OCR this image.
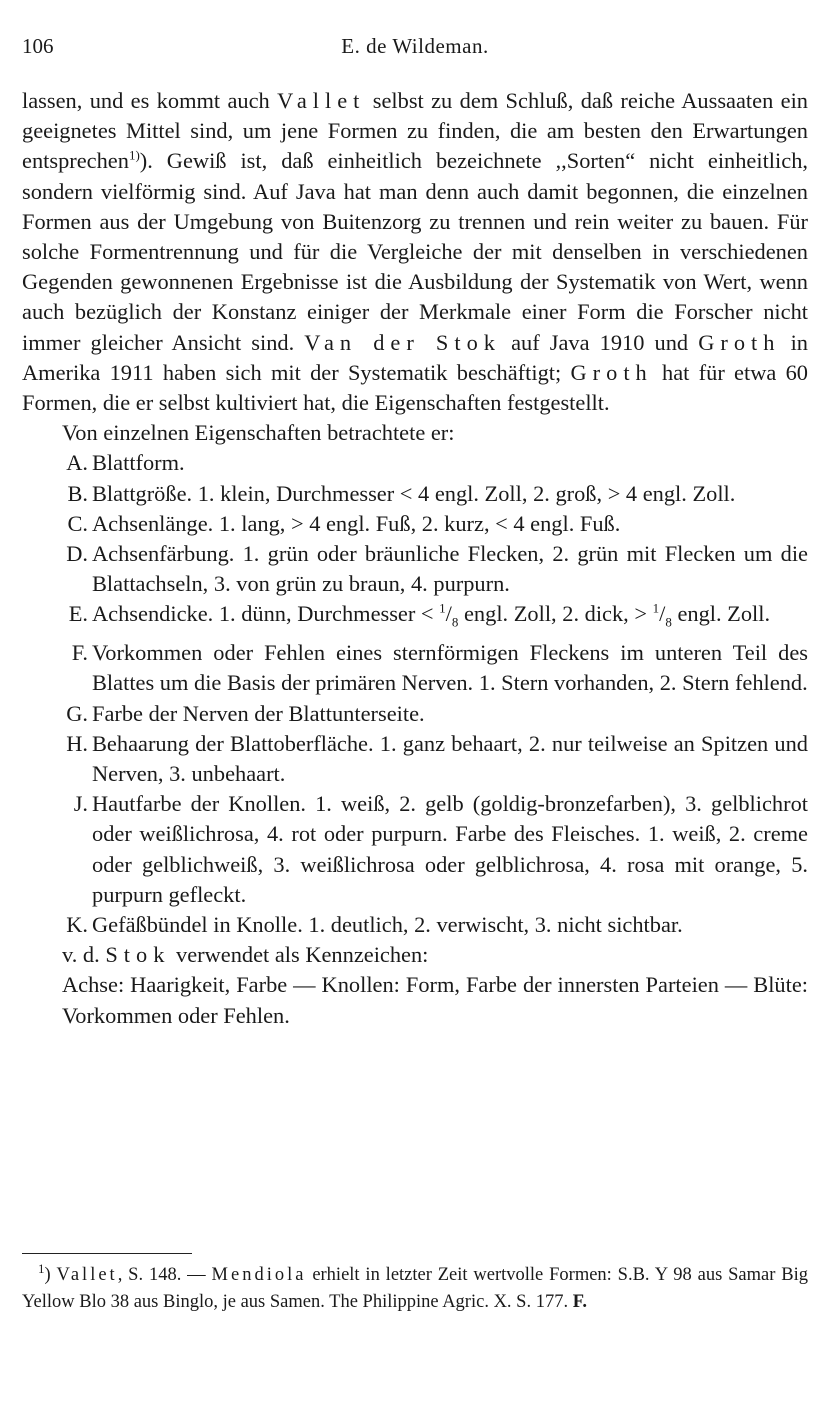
106	E. de Wildeman.

lassen, und es kommt auch Vallet selbst zu dem Schluß, daß reiche Aussaaten ein geeignetes Mittel sind, um jene Formen zu finden, die am besten den Erwartungen entsprechen$^{1)}$). Gewiß ist, daß einheitlich bezeichnete ,,Sorten“ nicht einheitlich, sondern vielförmig sind. Auf Java hat man denn auch damit begonnen, die einzelnen Formen aus der Umgebung von Buitenzorg zu trennen und rein weiter zu bauen. Für solche Formentrennung und für die Vergleiche der mit denselben in verschiedenen Gegenden gewonnenen Ergebnisse ist die Ausbildung der Systematik von Wert, wenn auch bezüglich der Konstanz einiger der Merkmale einer Form die Forscher nicht immer gleicher Ansicht sind. Van der Stok auf Java 1910 und Groth in Amerika 1911 haben sich mit der Systematik beschäftigt; Groth hat für etwa 60 Formen, die er selbst kultiviert hat, die Eigenschaften festgestellt.

Von einzelnen Eigenschaften betrachtete er:

A. Blattform.
B. Blattgröße. 1. klein, Durchmesser < 4 engl. Zoll, 2. groß, > 4 engl. Zoll.
C. Achsenlänge. 1. lang, > 4 engl. Fuß, 2. kurz, < 4 engl. Fuß.
D. Achsenfärbung. 1. grün oder bräunliche Flecken, 2. grün mit Flecken um die Blattachseln, 3. von grün zu braun, 4. purpurn.
E. Achsendicke. 1. dünn, Durchmesser < $^1/_8$ engl. Zoll, 2. dick, > $^1/_8$ engl. Zoll.
F. Vorkommen oder Fehlen eines sternförmigen Fleckens im unteren Teil des Blattes um die Basis der primären Nerven. 1. Stern vorhanden, 2. Stern fehlend.
G. Farbe der Nerven der Blattunterseite.
H. Behaarung der Blattoberfläche. 1. ganz behaart, 2. nur teilweise an Spitzen und Nerven, 3. unbehaart.
J. Hautfarbe der Knollen. 1. weiß, 2. gelb (goldig-bronzefarben), 3. gelblichrot oder weißlichrosa, 4. rot oder purpurn. Farbe des Fleisches. 1. weiß, 2. creme oder gelblichweiß, 3. weißlichrosa oder gelblichrosa, 4. rosa mit orange, 5. purpurn gefleckt.
K. Gefäßbündel in Knolle. 1. deutlich, 2. verwischt, 3. nicht sichtbar.

v. d. Stok verwendet als Kennzeichen:

Achse: Haarigkeit, Farbe — Knollen: Form, Farbe der innersten Parteien — Blüte: Vorkommen oder Fehlen.

$^1$) Vallet, S. 148. — Mendiola erhielt in letzter Zeit wertvolle Formen: S.B. Y 98 aus Samar Big Yellow Blo 38 aus Binglo, je aus Samen. The Philippine Agric. X. S. 177. F.
